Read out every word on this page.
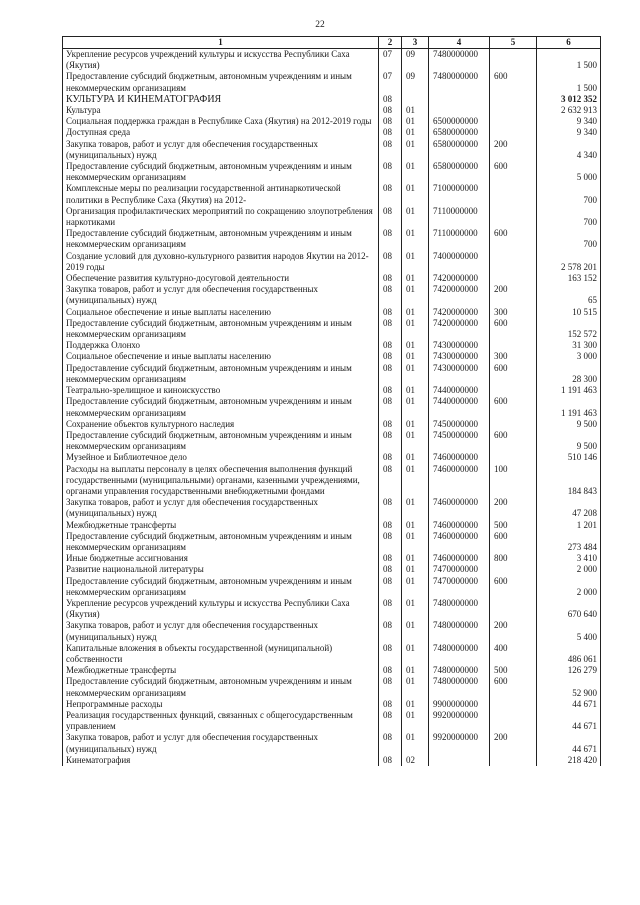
22
1	2	3	4	5	6
Укрепление ресурсов учреждений культуры и искусства Республики Саха (Якутия)	07	09	7480000000		1 500
Предоставление субсидий бюджетным, автономным учреждениям и иным некоммерческим организациям	07	09	7480000000	600	1 500
КУЛЬТУРА И КИНЕМАТОГРАФИЯ	08				3 012 352
Культура	08	01			2 632 913
Социальная поддержка граждан в Республике Саха (Якутия) на 2012-2019 годы	08	01	6500000000		9 340
Доступная среда	08	01	6580000000		9 340
Закупка товаров, работ и услуг для обеспечения государственных (муниципальных) нужд	08	01	6580000000	200	4 340
Предоставление субсидий бюджетным, автономным учреждениям и иным некоммерческим организациям	08	01	6580000000	600	5 000
Комплексные меры по реализации государственной антинаркотической политики в Республике Саха (Якутия) на 2012-	08	01	7100000000		700
Организация профилактических мероприятий по сокращению злоупотребления наркотиками	08	01	7110000000		700
Предоставление субсидий бюджетным, автономным учреждениям и иным некоммерческим организациям	08	01	7110000000	600	700
Создание условий для духовно-культурного развития народов Якутии на 2012-2019 годы	08	01	7400000000		2 578 201
Обеспечение развития культурно-досуговой деятельности	08	01	7420000000		163 152
Закупка товаров, работ и услуг для обеспечения государственных (муниципальных) нужд	08	01	7420000000	200	65
Социальное обеспечение и иные выплаты населению	08	01	7420000000	300	10 515
Предоставление субсидий бюджетным, автономным учреждениям и иным некоммерческим организациям	08	01	7420000000	600	152 572
Поддержка Олонхо	08	01	7430000000		31 300
Социальное обеспечение и иные выплаты населению	08	01	7430000000	300	3 000
Предоставление субсидий бюджетным, автономным учреждениям и иным некоммерческим организациям	08	01	7430000000	600	28 300
Театрально-зрелищное и киноискусство	08	01	7440000000		1 191 463
Предоставление субсидий бюджетным, автономным учреждениям и иным некоммерческим организациям	08	01	7440000000	600	1 191 463
Сохранение объектов культурного наследия	08	01	7450000000		9 500
Предоставление субсидий бюджетным, автономным учреждениям и иным некоммерческим организациям	08	01	7450000000	600	9 500
Музейное и Библиотечное дело	08	01	7460000000		510 146
Расходы на выплаты персоналу в целях обеспечения выполнения функций государственными (муниципальными) органами, казенными учреждениями, органами управления государственными внебюджетными фондами	08	01	7460000000	100	184 843
Закупка товаров, работ и услуг для обеспечения государственных (муниципальных) нужд	08	01	7460000000	200	47 208
Межбюджетные трансферты	08	01	7460000000	500	1 201
Предоставление субсидий бюджетным, автономным учреждениям и иным некоммерческим организациям	08	01	7460000000	600	273 484
Иные бюджетные ассигнования	08	01	7460000000	800	3 410
Развитие национальной литературы	08	01	7470000000		2 000
Предоставление субсидий бюджетным, автономным учреждениям и иным некоммерческим организациям	08	01	7470000000	600	2 000
Укрепление ресурсов учреждений культуры и искусства Республики Саха (Якутия)	08	01	7480000000		670 640
Закупка товаров, работ и услуг для обеспечения государственных (муниципальных) нужд	08	01	7480000000	200	5 400
Капитальные вложения в объекты государственной (муниципальной) собственности	08	01	7480000000	400	486 061
Межбюджетные трансферты	08	01	7480000000	500	126 279
Предоставление субсидий бюджетным, автономным учреждениям и иным некоммерческим организациям	08	01	7480000000	600	52 900
Непрограммные расходы	08	01	9900000000		44 671
Реализация государственных функций, связанных с общегосударственным управлением	08	01	9920000000		44 671
Закупка товаров, работ и услуг для обеспечения государственных (муниципальных) нужд	08	01	9920000000	200	44 671
Кинематография	08	02			218 420
